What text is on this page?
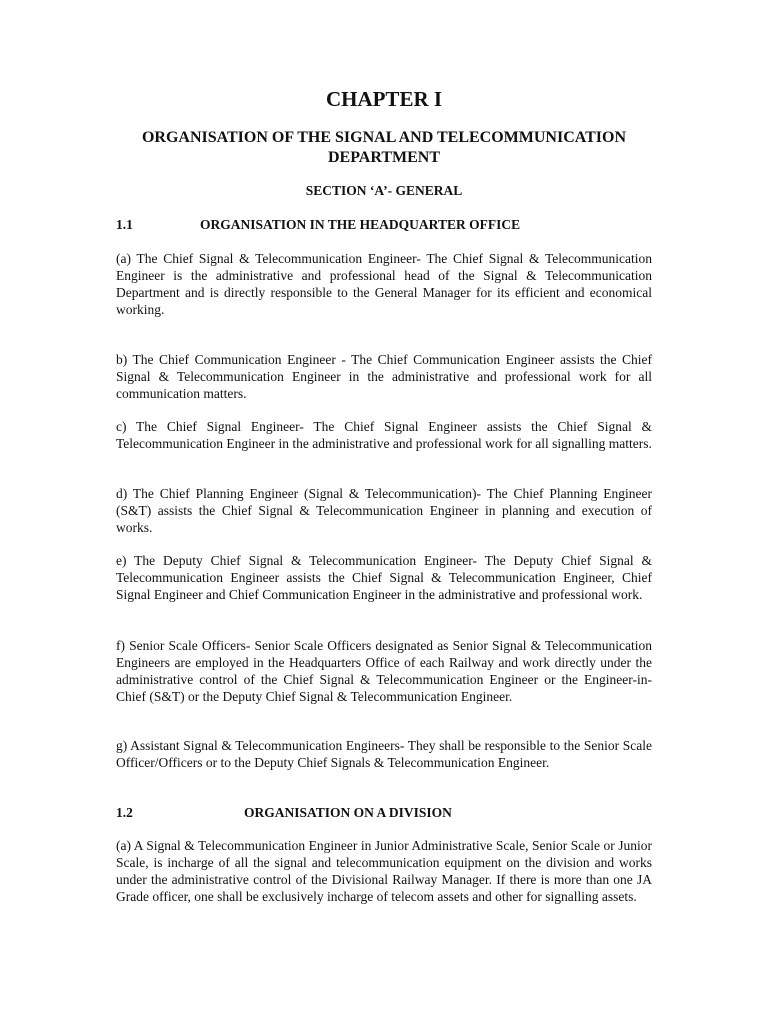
CHAPTER I
ORGANISATION OF THE SIGNAL AND TELECOMMUNICATION DEPARTMENT
SECTION ‘A’- GENERAL
1.1	ORGANISATION IN THE HEADQUARTER OFFICE
(a) The Chief Signal & Telecommunication Engineer- The Chief Signal & Telecommunication Engineer is the administrative and professional head of the Signal & Telecommunication Department and is directly responsible to the General Manager for its efficient and economical working.
b) The Chief Communication Engineer - The Chief Communication Engineer assists the Chief Signal & Telecommunication Engineer in the administrative and professional work for all communication matters.
c) The Chief Signal Engineer- The Chief Signal Engineer assists the Chief Signal & Telecommunication Engineer in the administrative and professional work for all signalling matters.
d) The Chief Planning Engineer (Signal & Telecommunication)- The Chief Planning Engineer (S&T) assists the Chief Signal & Telecommunication Engineer in planning and execution of works.
e) The Deputy Chief Signal & Telecommunication Engineer- The Deputy Chief Signal & Telecommunication Engineer assists the Chief Signal & Telecommunication Engineer, Chief Signal Engineer and Chief Communication Engineer in the administrative and professional work.
f) Senior Scale Officers- Senior Scale Officers designated as Senior Signal & Telecommunication Engineers are employed in the Headquarters Office of each Railway and work directly under the administrative control of the Chief Signal & Telecommunication Engineer or the Engineer-in-Chief (S&T) or the Deputy Chief Signal & Telecommunication Engineer.
g) Assistant Signal & Telecommunication Engineers- They shall be responsible to the Senior Scale Officer/Officers or to the Deputy Chief Signals & Telecommunication Engineer.
1.2	ORGANISATION ON A DIVISION
(a) A Signal & Telecommunication Engineer in Junior Administrative Scale, Senior Scale or Junior Scale, is incharge of all the signal and telecommunication equipment on the division and works under the administrative control of the Divisional Railway Manager. If there is more than one JA Grade officer, one shall be exclusively incharge of telecom assets and other for signalling assets.
